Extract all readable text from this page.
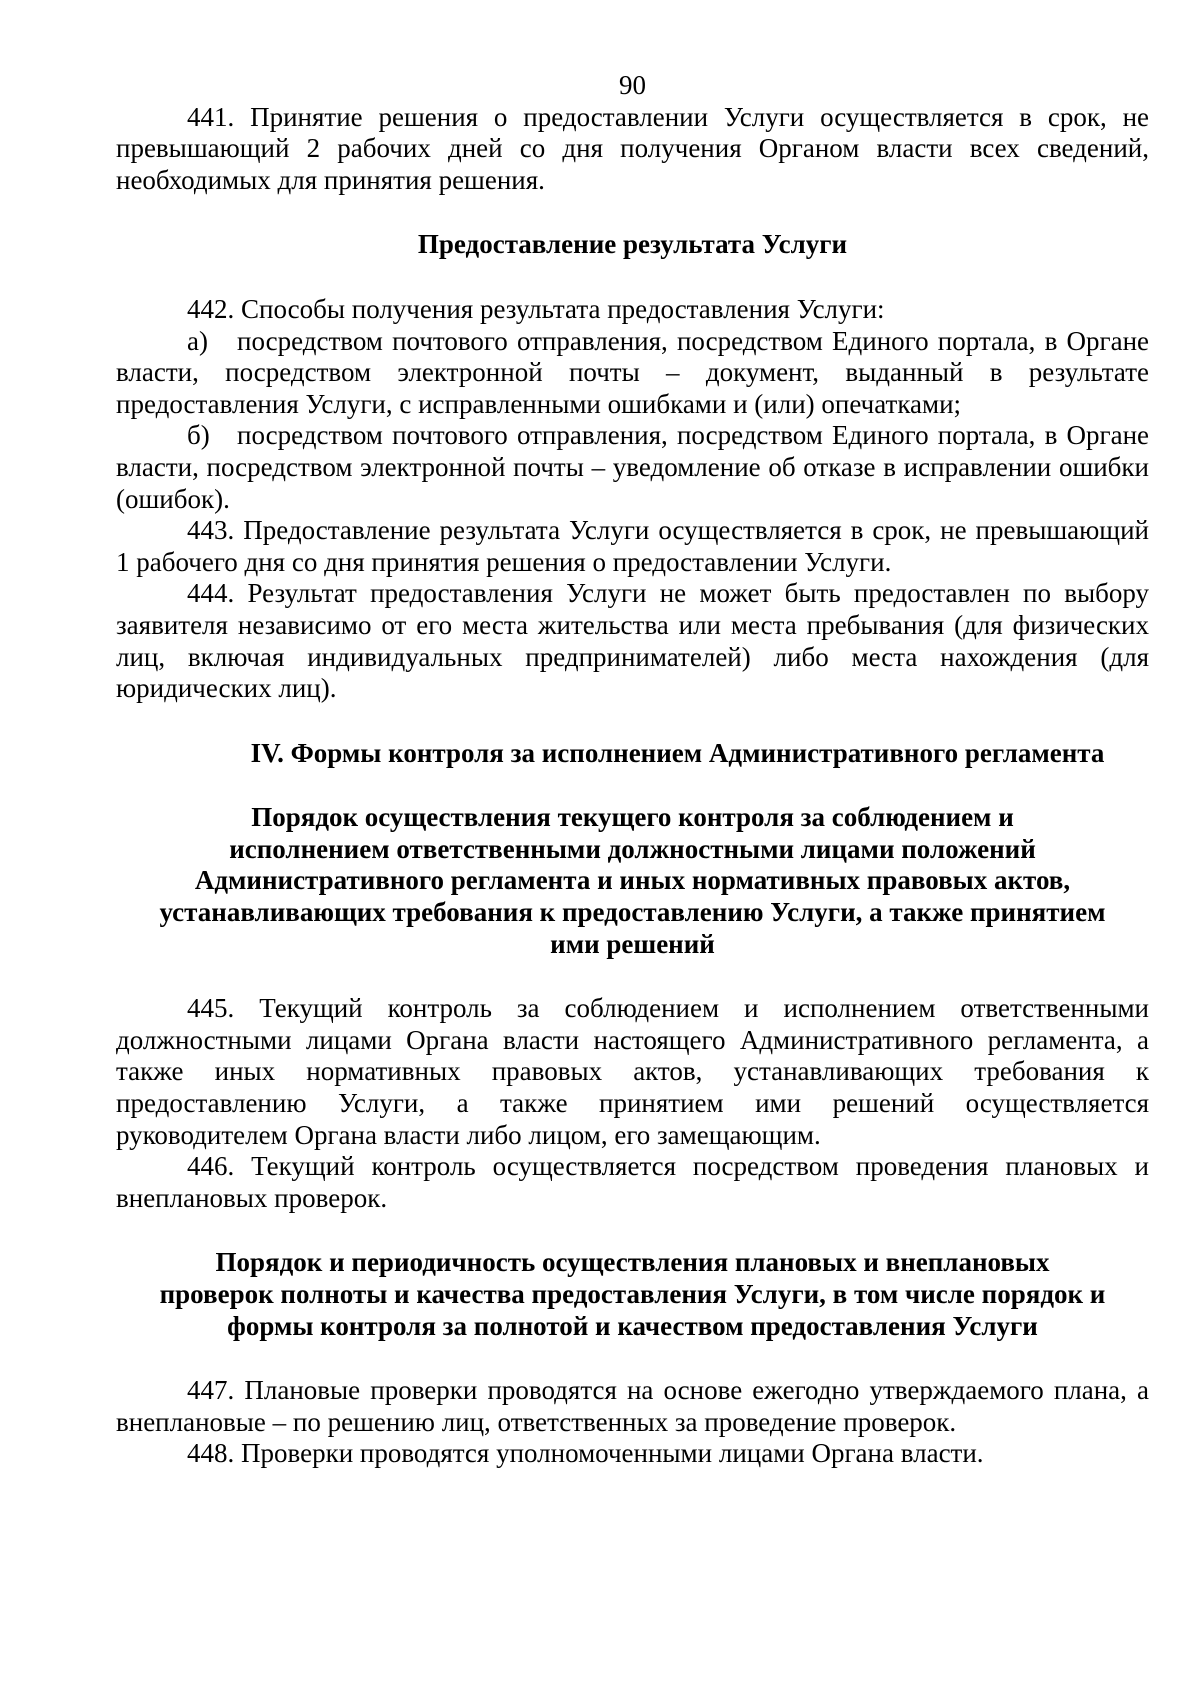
90

441. Принятие решения о предоставлении Услуги осуществляется в срок, не превышающий 2 рабочих дней со дня получения Органом власти всех сведений, необходимых для принятия решения.

Предоставление результата Услуги

442. Способы получения результата предоставления Услуги:

а) посредством почтового отправления, посредством Единого портала, в Органе власти, посредством электронной почты – документ, выданный в результате предоставления Услуги, с исправленными ошибками и (или) опечатками;

б) посредством почтового отправления, посредством Единого портала, в Органе власти, посредством электронной почты – уведомление об отказе в исправлении ошибки (ошибок).

443. Предоставление результата Услуги осуществляется в срок, не превышающий 1 рабочего дня со дня принятия решения о предоставлении Услуги.

444. Результат предоставления Услуги не может быть предоставлен по выбору заявителя независимо от его места жительства или места пребывания (для физических лиц, включая индивидуальных предпринимателей) либо места нахождения (для юридических лиц).

IV. Формы контроля за исполнением Административного регламента

Порядок осуществления текущего контроля за соблюдением и
исполнением ответственными должностными лицами положений
Административного регламента и иных нормативных правовых актов,
устанавливающих требования к предоставлению Услуги, а также принятием
ими решений

445. Текущий контроль за соблюдением и исполнением ответственными должностными лицами Органа власти настоящего Административного регламента, а также иных нормативных правовых актов, устанавливающих требования к предоставлению Услуги, а также принятием ими решений осуществляется руководителем Органа власти либо лицом, его замещающим.

446. Текущий контроль осуществляется посредством проведения плановых и внеплановых проверок.

Порядок и периодичность осуществления плановых и внеплановых
проверок полноты и качества предоставления Услуги, в том числе порядок и
формы контроля за полнотой и качеством предоставления Услуги

447. Плановые проверки проводятся на основе ежегодно утверждаемого плана, а внеплановые – по решению лиц, ответственных за проведение проверок.

448. Проверки проводятся уполномоченными лицами Органа власти.
